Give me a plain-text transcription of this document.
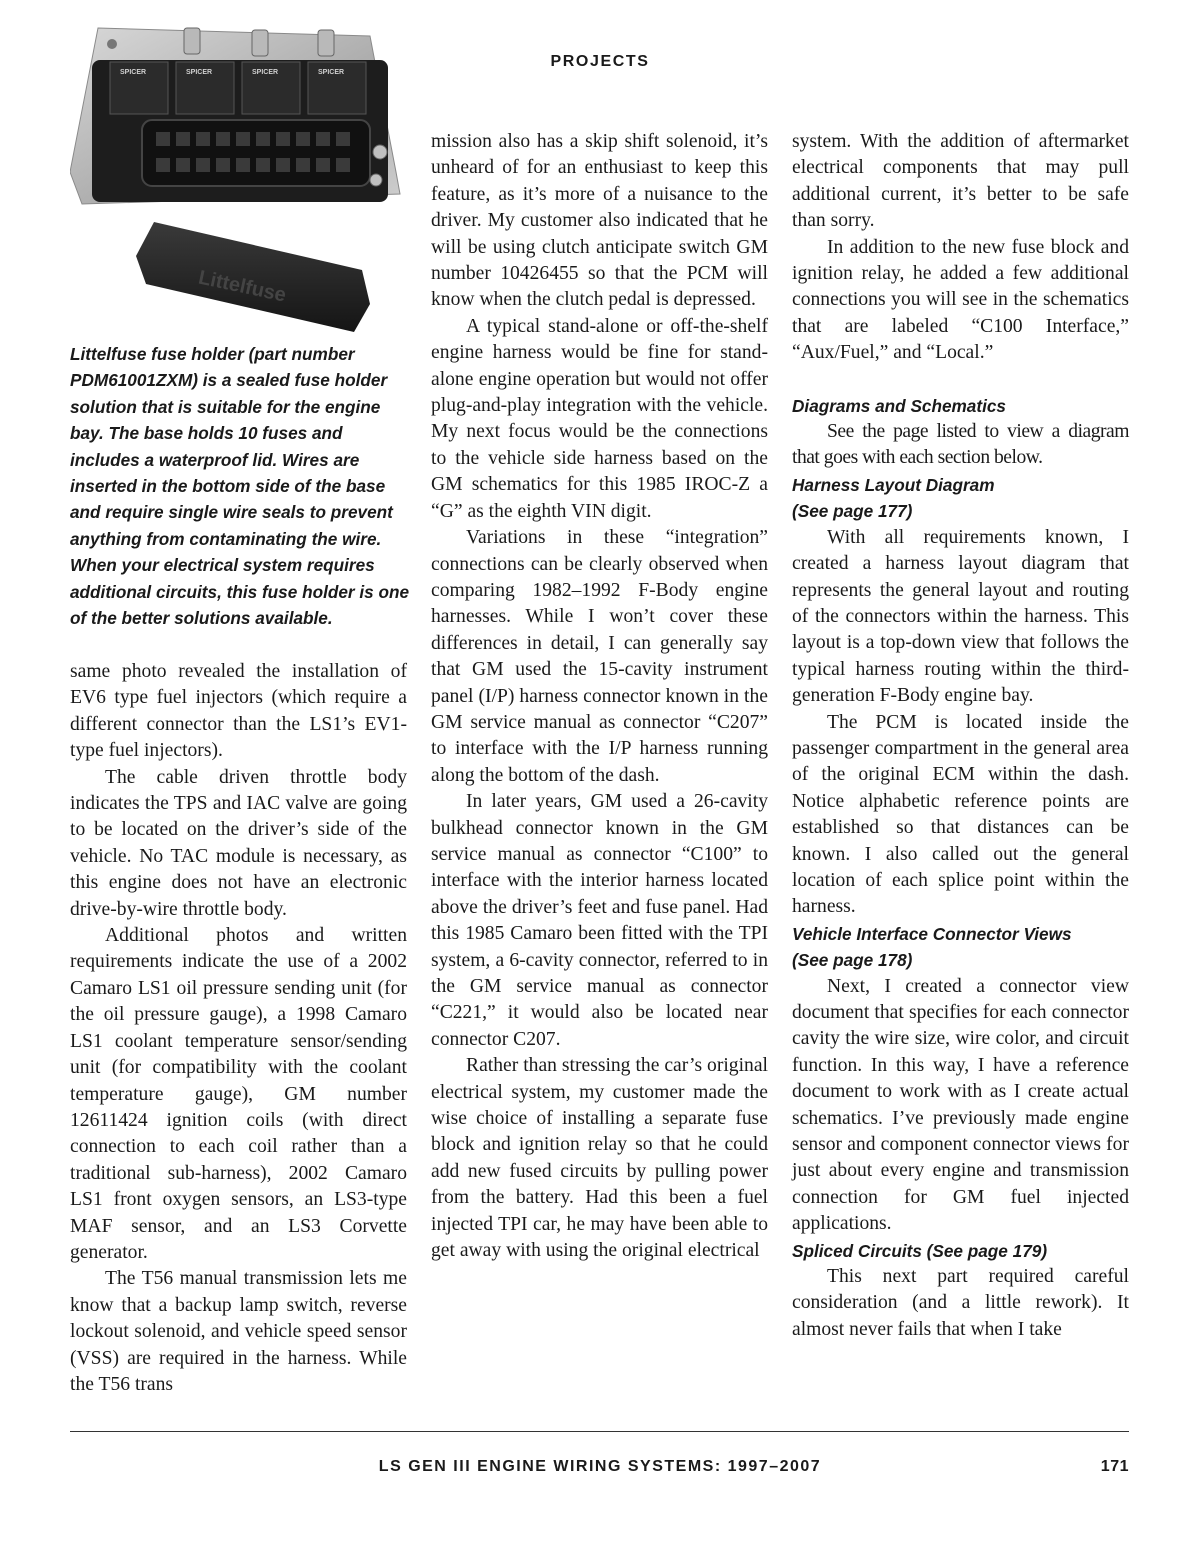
PROJECTS
SPICER	SPICER	SPICER	SPICER
Littelfuse
Littelfuse fuse holder (part number PDM61001ZXM) is a sealed fuse holder solution that is suitable for the engine bay. The base holds 10 fuses and includes a waterproof lid. Wires are inserted in the bottom side of the base and require single wire seals to prevent anything from contaminating the wire. When your electrical system requires additional circuits, this fuse holder is one of the better solutions available.

same photo revealed the installation of EV6 type fuel injectors (which require a different connector than the LS1’s EV1-type fuel injectors).

The cable driven throttle body indicates the TPS and IAC valve are going to be located on the driver’s side of the vehicle. No TAC module is necessary, as this engine does not have an electronic drive-by-wire throttle body.

Additional photos and written requirements indicate the use of a 2002 Camaro LS1 oil pressure sending unit (for the oil pressure gauge), a 1998 Camaro LS1 coolant temperature sensor/sending unit (for compatibility with the coolant temperature gauge), GM number 12611424 ignition coils (with direct connection to each coil rather than a traditional sub-harness), 2002 Camaro LS1 front oxygen sensors, an LS3-type MAF sensor, and an LS3 Corvette generator.

The T56 manual transmission lets me know that a backup lamp switch, reverse lockout solenoid, and vehicle speed sensor (VSS) are required in the harness. While the T56 trans

mission also has a skip shift solenoid, it’s unheard of for an enthusiast to keep this feature, as it’s more of a nuisance to the driver. My customer also indicated that he will be using clutch anticipate switch GM number 10426455 so that the PCM will know when the clutch pedal is depressed.

A typical stand-alone or off-the-shelf engine harness would be fine for stand-alone engine operation but would not offer plug-and-play integration with the vehicle. My next focus would be the connections to the vehicle side harness based on the GM schematics for this 1985 IROC-Z a “G” as the eighth VIN digit.

Variations in these “integration” connections can be clearly observed when comparing 1982–1992 F-Body engine harnesses. While I won’t cover these differences in detail, I can generally say that GM used the 15-cavity instrument panel (I/P) harness connector known in the GM service manual as connector “C207” to interface with the I/P harness running along the bottom of the dash.

In later years, GM used a 26-cavity bulkhead connector known in the GM service manual as connector “C100” to interface with the interior harness located above the driver’s feet and fuse panel. Had this 1985 Camaro been fitted with the TPI system, a 6-cavity connector, referred to in the GM service manual as connector “C221,” it would also be located near connector C207.

Rather than stressing the car’s original electrical system, my customer made the wise choice of installing a separate fuse block and ignition relay so that he could add new fused circuits by pulling power from the battery. Had this been a fuel injected TPI car, he may have been able to get away with using the original electrical

system. With the addition of aftermarket electrical components that may pull additional current, it’s better to be safe than sorry.

In addition to the new fuse block and ignition relay, he added a few additional connections you will see in the schematics that are labeled “C100 Interface,” “Aux/Fuel,” and “Local.”

Diagrams and Schematics

See the page listed to view a diagram that goes with each section below.

Harness Layout Diagram
(See page 177)

With all requirements known, I created a harness layout diagram that represents the general layout and routing of the connectors within the harness. This layout is a top-down view that follows the typical harness routing within the third-generation F-Body engine bay.

The PCM is located inside the passenger compartment in the general area of the original ECM within the dash. Notice alphabetic reference points are established so that distances can be known. I also called out the general location of each splice point within the harness.

Vehicle Interface Connector Views
(See page 178)

Next, I created a connector view document that specifies for each connector cavity the wire size, wire color, and circuit function. In this way, I have a reference document to work with as I create actual schematics. I’ve previously made engine sensor and component connector views for just about every engine and transmission connection for GM fuel injected applications.

Spliced Circuits (See page 179)

This next part required careful consideration (and a little rework). It almost never fails that when I take

LS GEN III ENGINE WIRING SYSTEMS: 1997–2007	171
